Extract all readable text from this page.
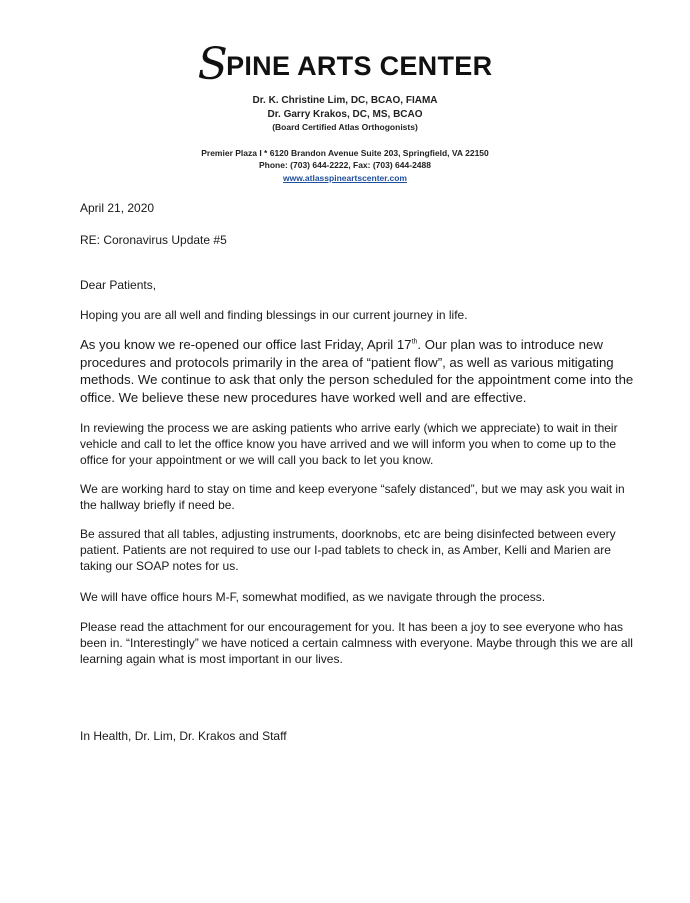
SPINE ARTS CENTER
Dr. K. Christine Lim, DC, BCAO, FIAMA
Dr. Garry Krakos, DC, MS, BCAO
(Board Certified Atlas Orthogonists)
Premier Plaza I * 6120 Brandon Avenue Suite 203, Springfield, VA 22150
Phone: (703) 644-2222, Fax: (703) 644-2488
www.atlasspineartscenter.com
April 21, 2020
RE: Coronavirus Update #5
Dear Patients,
Hoping you are all well and finding blessings in our current journey in life.
As you know we re-opened our office last Friday, April 17th. Our plan was to introduce new procedures and protocols primarily in the area of “patient flow”, as well as various mitigating methods. We continue to ask that only the person scheduled for the appointment come into the office. We believe these new procedures have worked well and are effective.
In reviewing the process we are asking patients who arrive early (which we appreciate) to wait in their vehicle and call to let the office know you have arrived and we will inform you when to come up to the office for your appointment or we will call you back to let you know.
We are working hard to stay on time and keep everyone “safely distanced”, but we may ask you wait in the hallway briefly if need be.
Be assured that all tables, adjusting instruments, doorknobs, etc are being disinfected between every patient. Patients are not required to use our I-pad tablets to check in, as Amber, Kelli and Marien are taking our SOAP notes for us.
We will have office hours M-F, somewhat modified, as we navigate through the process.
Please read the attachment for our encouragement for you. It has been a joy to see everyone who has been in. “Interestingly” we have noticed a certain calmness with everyone. Maybe through this we are all learning again what is most important in our lives.
In Health, Dr. Lim, Dr. Krakos and Staff
